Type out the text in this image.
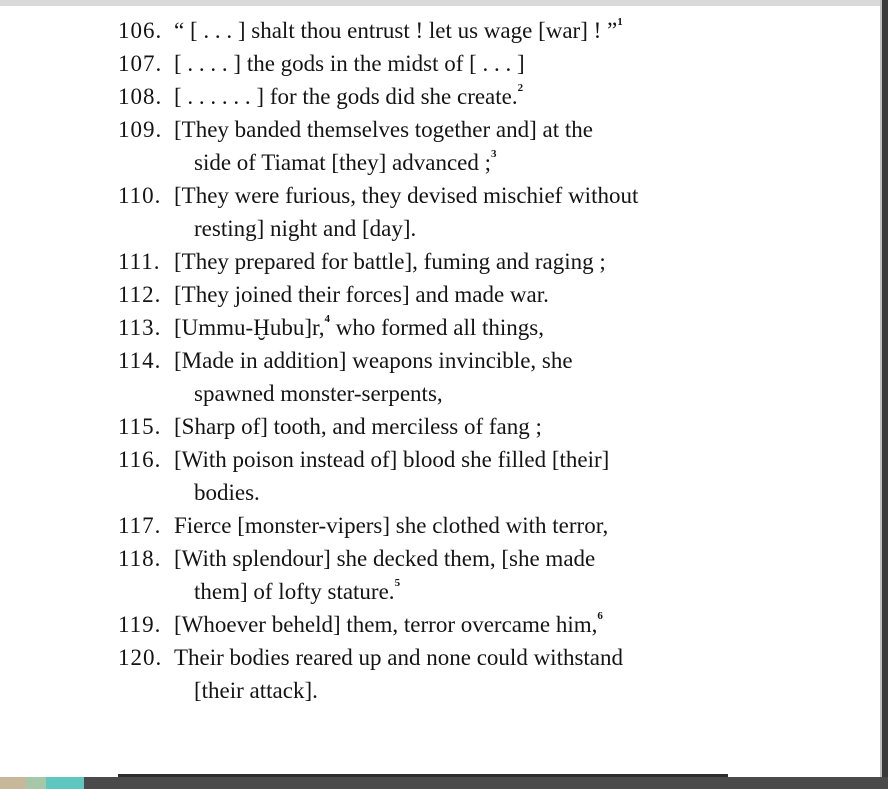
106. “ [ . . . ] shalt thou entrust ! let us wage [war] ! ”$^1$
107. [ . . . . ] the gods in the midst of [ . . . ]
108. [ . . . . . . ] for the gods did she create.$^2$
109. [They banded themselves together and] at the
side of Tiamat [they] advanced ;$^3$
110. [They were furious, they devised mischief without
resting] night and [day].
111. [They prepared for battle], fuming and raging ;
112. [They joined their forces] and made war.
113. [Ummu-Ḫubu]r,$^4$ who formed all things,
114. [Made in addition] weapons invincible, she
spawned monster-serpents,
115. [Sharp of] tooth, and merciless of fang ;
116. [With poison instead of] blood she filled [their]
bodies.
117. Fierce [monster-vipers] she clothed with terror,
118. [With splendour] she decked them, [she made
them] of lofty stature.$^5$
119. [Whoever beheld] them, terror overcame him,$^6$
120. Their bodies reared up and none could withstand
[their attack].
